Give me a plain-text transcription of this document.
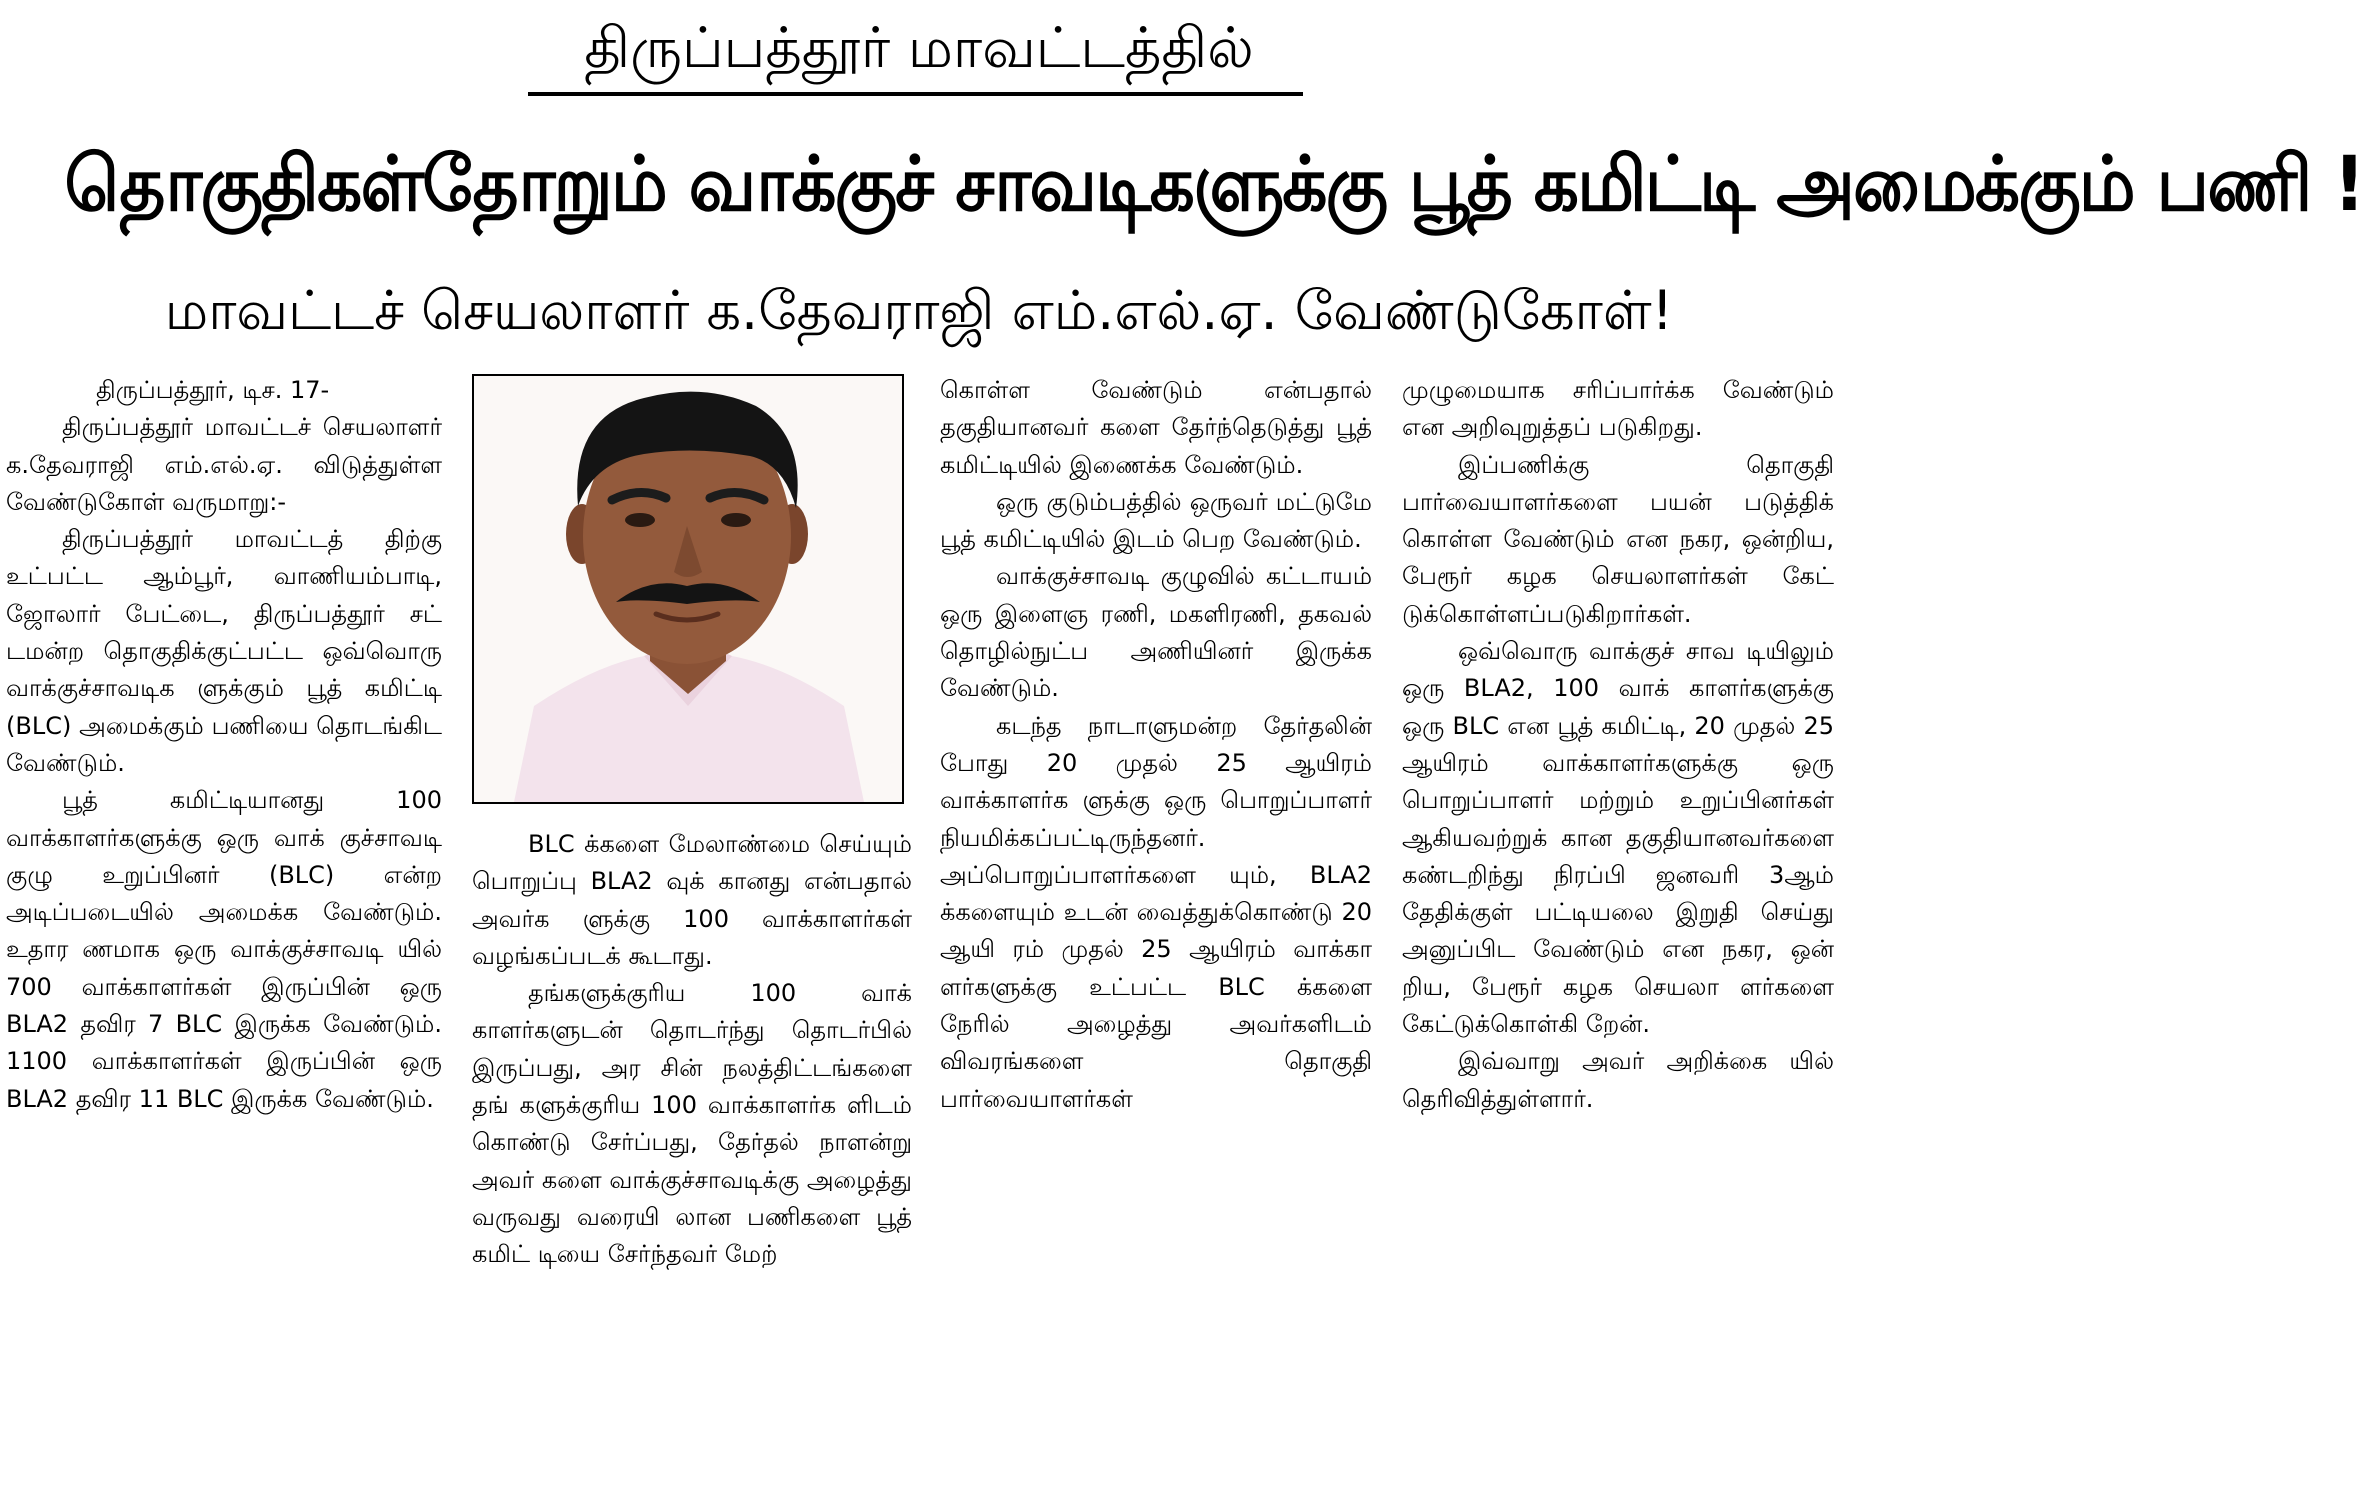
திருப்பத்தூர் மாவட்டத்தில்
தொகுதிகள்தோறும் வாக்குச் சாவடிகளுக்கு பூத் கமிட்டி அமைக்கும் பணி !
மாவட்டச் செயலாளர் க.தேவராஜி எம்.எல்.ஏ. வேண்டுகோள்!

திருப்பத்தூர், டிச. 17-

திருப்பத்தூர் மாவட்டச் செயலாளர் க.தேவராஜி எம்.எல்.ஏ. விடுத்துள்ள வேண்டுகோள் வருமாறு:-

திருப்பத்தூர் மாவட்டத் திற்கு உட்பட்ட ஆம்பூர், வாணியம்பாடி, ஜோலார் பேட்டை, திருப்பத்தூர் சட் டமன்ற தொகுதிக்குட்பட்ட ஒவ்வொரு வாக்குச்சாவடிக ளுக்கும் பூத் கமிட்டி (BLC) அமைக்கும் பணியை தொடங்கிட வேண்டும்.

பூத் கமிட்டியானது 100 வாக்காளர்களுக்கு ஒரு வாக் குச்சாவடி குழு உறுப்பினர் (BLC) என்ற அடிப்படையில் அமைக்க வேண்டும். உதார ணமாக ஒரு வாக்குச்சாவடி யில் 700 வாக்காளர்கள் இருப்பின் ஒரு BLA2 தவிர 7 BLC இருக்க வேண்டும். 1100 வாக்காளர்கள் இருப்பின் ஒரு BLA2 தவிர 11 BLC இருக்க வேண்டும்.

BLC க்களை மேலாண்மை செய்யும் பொறுப்பு BLA2 வுக் கானது என்பதால் அவர்க ளுக்கு 100 வாக்காளர்கள் வழங்கப்படக் கூடாது.

தங்களுக்குரிய 100 வாக் காளர்களுடன் தொடர்ந்து தொடர்பில் இருப்பது, அர சின் நலத்திட்டங்களை தங் களுக்குரிய 100 வாக்காளர்க ளிடம் கொண்டு சேர்ப்பது, தேர்தல் நாளன்று அவர் களை வாக்குச்சாவடிக்கு அழைத்து வருவது வரையி லான பணிகளை பூத் கமிட் டியை சேர்ந்தவர் மேற்

கொள்ள வேண்டும் என்பதால் தகுதியானவர் களை தேர்ந்தெடுத்து பூத் கமிட்டியில் இணைக்க வேண்டும்.

ஒரு குடும்பத்தில் ஒருவர் மட்டுமே பூத் கமிட்டியில் இடம் பெற வேண்டும்.

வாக்குச்சாவடி குழுவில் கட்டாயம் ஒரு இளைஞ ரணி, மகளிரணி, தகவல் தொழில்நுட்ப அணியினர் இருக்க வேண்டும்.

கடந்த நாடாளுமன்ற தேர்தலின் போது 20 முதல் 25 ஆயிரம் வாக்காளர்க ளுக்கு ஒரு பொறுப்பாளர் நியமிக்கப்பட்டிருந்தனர். அப்பொறுப்பாளர்களை யும், BLA2 க்களையும் உடன் வைத்துக்கொண்டு 20 ஆயி ரம் முதல் 25 ஆயிரம் வாக்கா ளர்களுக்கு உட்பட்ட BLC க்களை நேரில் அழைத்து அவர்களிடம் விவரங்களை தொகுதி பார்வையாளர்கள்

முழுமையாக சரிப்பார்க்க வேண்டும் என அறிவுறுத்தப் படுகிறது.

இப்பணிக்கு தொகுதி பார்வையாளர்களை பயன் படுத்திக் கொள்ள வேண்டும் என நகர, ஒன்றிய, பேரூர் கழக செயலாளர்கள் கேட் டுக்கொள்ளப்படுகிறார்கள்.

ஒவ்வொரு வாக்குச் சாவ டியிலும் ஒரு BLA2, 100 வாக் காளர்களுக்கு ஒரு BLC என பூத் கமிட்டி, 20 முதல் 25 ஆயிரம் வாக்காளர்களுக்கு ஒரு பொறுப்பாளர் மற்றும் உறுப்பினர்கள் ஆகியவற்றுக் கான தகுதியானவர்களை கண்டறிந்து நிரப்பி ஜனவரி 3ஆம் தேதிக்குள் பட்டியலை இறுதி செய்து அனுப்பிட வேண்டும் என நகர, ஒன் றிய, பேரூர் கழக செயலா ளர்களை கேட்டுக்கொள்கி றேன்.

இவ்வாறு அவர் அறிக்கை யில் தெரிவித்துள்ளார்.
